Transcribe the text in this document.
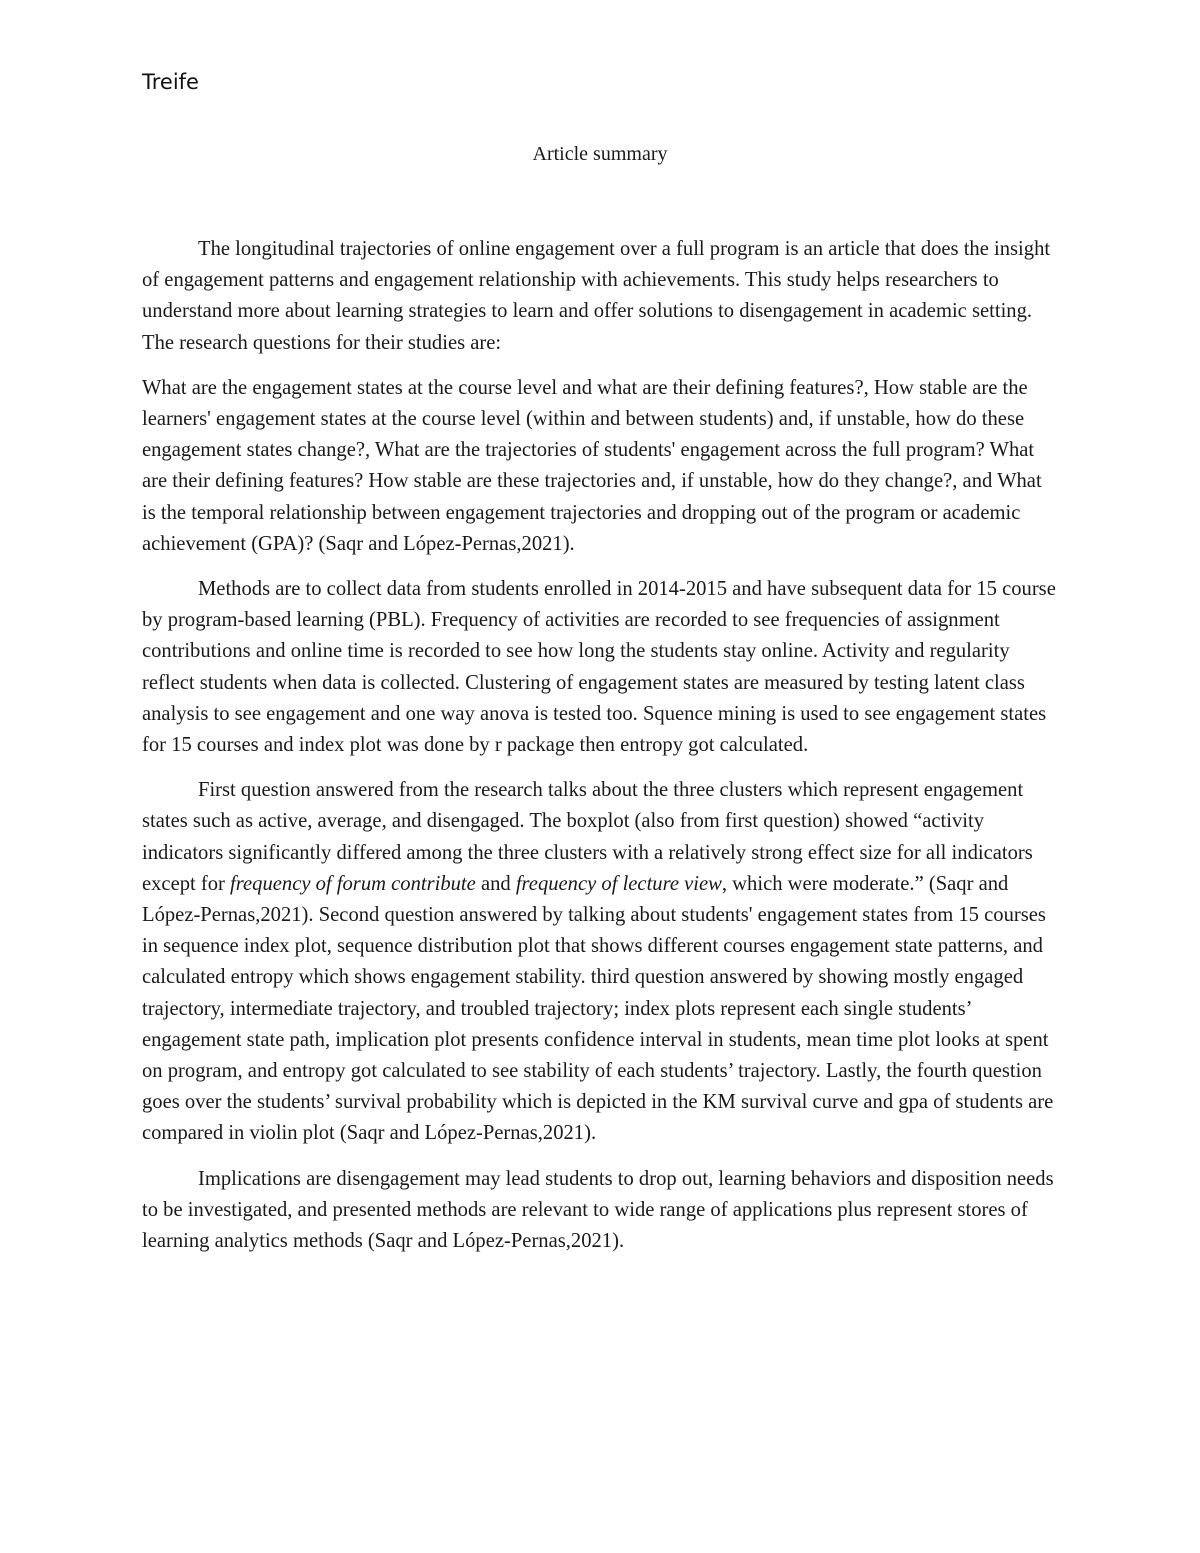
Treife
Article summary

The longitudinal trajectories of online engagement over a full program is an article that does the insight of engagement patterns and engagement relationship with achievements. This study helps researchers to understand more about learning strategies to learn and offer solutions to disengagement in academic setting. The research questions for their studies are:

What are the engagement states at the course level and what are their defining features?, How stable are the learners' engagement states at the course level (within and between students) and, if unstable, how do these engagement states change?, What are the trajectories of students' engagement across the full program? What are their defining features? How stable are these trajectories and, if unstable, how do they change?, and What is the temporal relationship between engagement trajectories and dropping out of the program or academic achievement (GPA)? (Saqr and López-Pernas,2021).

Methods are to collect data from students enrolled in 2014-2015 and have subsequent data for 15 course by program-based learning (PBL). Frequency of activities are recorded to see frequencies of assignment contributions and online time is recorded to see how long the students stay online. Activity and regularity reflect students when data is collected. Clustering of engagement states are measured by testing latent class analysis to see engagement and one way anova is tested too. Squence mining is used to see engagement states for 15 courses and index plot was done by r package then entropy got calculated.

First question answered from the research talks about the three clusters which represent engagement states such as active, average, and disengaged. The boxplot (also from first question) showed “activity indicators significantly differed among the three clusters with a relatively strong effect size for all indicators except for frequency of forum contribute and frequency of lecture view, which were moderate.” (Saqr and López-Pernas,2021). Second question answered by talking about students' engagement states from 15 courses in sequence index plot, sequence distribution plot that shows different courses engagement state patterns, and calculated entropy which shows engagement stability. third question answered by showing mostly engaged trajectory, intermediate trajectory, and troubled trajectory; index plots represent each single students’ engagement state path, implication plot presents confidence interval in students, mean time plot looks at spent on program, and entropy got calculated to see stability of each students’ trajectory. Lastly, the fourth question goes over the students’ survival probability which is depicted in the KM survival curve and gpa of students are compared in violin plot (Saqr and López-Pernas,2021).

Implications are disengagement may lead students to drop out, learning behaviors and disposition needs to be investigated, and presented methods are relevant to wide range of applications plus represent stores of learning analytics methods (Saqr and López-Pernas,2021).
